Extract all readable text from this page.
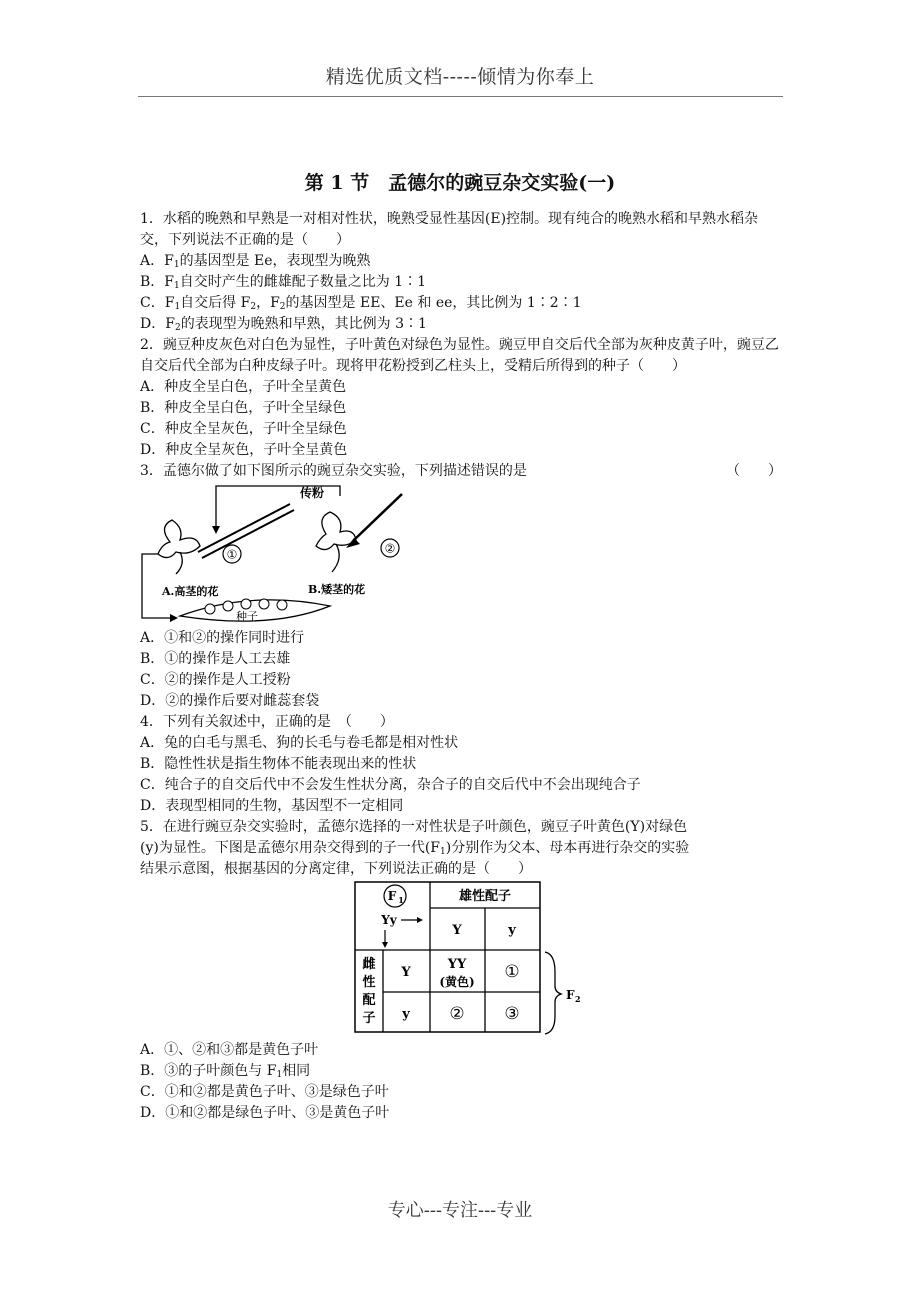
精选优质文档-----倾情为你奉上
第 1 节　孟德尔的豌豆杂交实验(一)
1．水稻的晚熟和早熟是一对相对性状，晚熟受显性基因(E)控制。现有纯合的晚熟水稻和早熟水稻杂交，下列说法不正确的是（　　）
A．$F_1$的基因型是 Ee，表现型为晚熟
B．$F_1$自交时产生的雌雄配子数量之比为 1∶1
C．$F_1$自交后得 $F_2$，$F_2$的基因型是 EE、Ee 和 ee，其比例为 1∶2∶1
D．$F_2$的表现型为晚熟和早熟，其比例为 3∶1
2．豌豆种皮灰色对白色为显性，子叶黄色对绿色为显性。豌豆甲自交后代全部为灰种皮黄子叶，豌豆乙自交后代全部为白种皮绿子叶。现将甲花粉授到乙柱头上，受精后所得到的种子（　　）
A．种皮全呈白色，子叶全呈黄色
B．种皮全呈白色，子叶全呈绿色
C．种皮全呈灰色，子叶全呈绿色
D．种皮全呈灰色，子叶全呈黄色
3．孟德尔做了如下图所示的豌豆杂交实验，下列描述错误的是	（　　）
传粉
①
A.高茎的花
②
B.矮茎的花
种子
A．①和②的操作同时进行
B．①的操作是人工去雄
C．②的操作是人工授粉
D．②的操作后要对雌蕊套袋
4．下列有关叙述中，正确的是　（　　）
A．兔的白毛与黑毛、狗的长毛与卷毛都是相对性状
B．隐性性状是指生物体不能表现出来的性状
C．纯合子的自交后代中不会发生性状分离，杂合子的自交后代中不会出现纯合子
D．表现型相同的生物，基因型不一定相同
5．在进行豌豆杂交实验时，孟德尔选择的一对性状是子叶颜色，豌豆子叶黄色(Y)对绿色
(y)为显性。下图是孟德尔用杂交得到的子一代$(F_1)$分别作为父本、母本再进行杂交的实验
结果示意图，根据基因的分离定律，下列说法正确的是（　　）
F 1
Yy
雄性配子
Y	y
雌
性
配
子
Y
y
YY
(黄色) ①
② ③
F 2
A．①、②和③都是黄色子叶
B．③的子叶颜色与 $F_1$相同
C．①和②都是黄色子叶、③是绿色子叶
D．①和②都是绿色子叶、③是黄色子叶
专心---专注---专业
